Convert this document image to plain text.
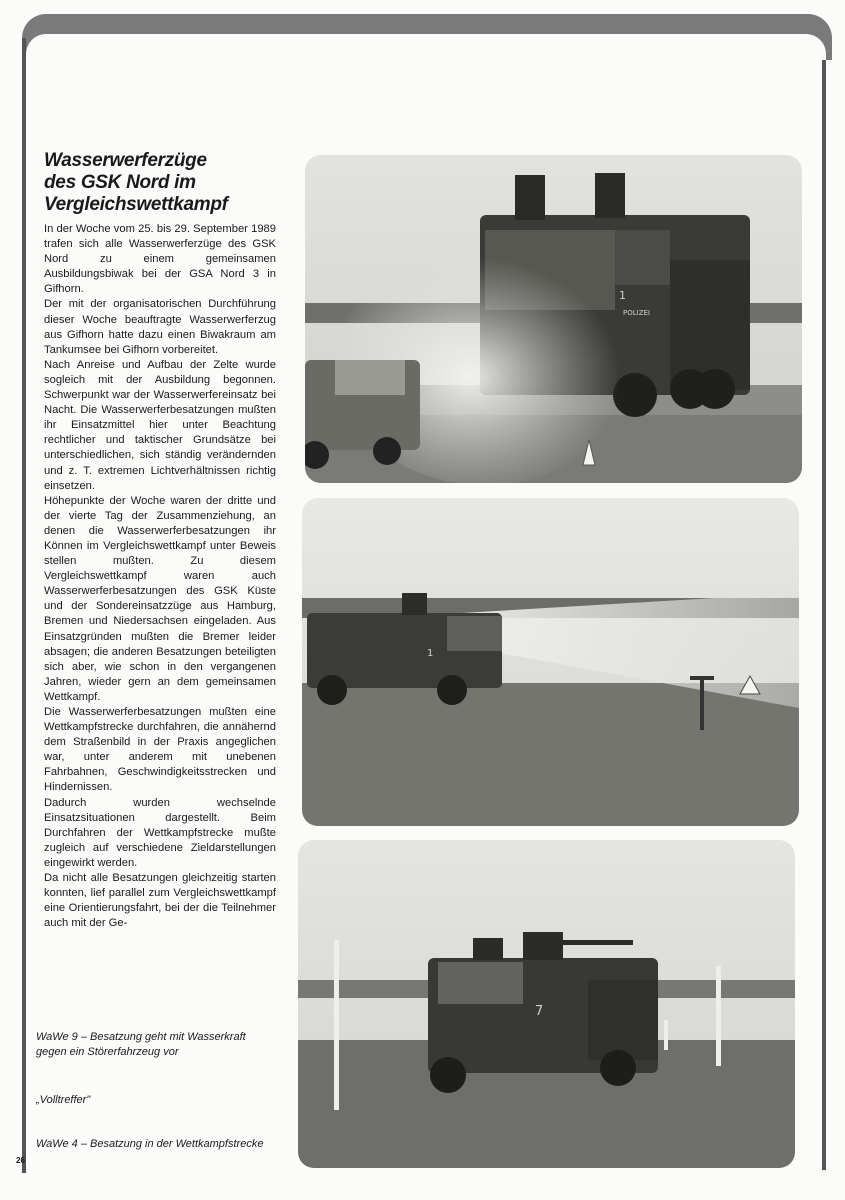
Wasserwerferzüge
des GSK Nord im
Vergleichswettkampf

In der Woche vom 25. bis 29. September 1989 trafen sich alle Wasserwerferzüge des GSK Nord zu einem gemeinsamen Ausbildungsbiwak bei der GSA Nord 3 in Gifhorn.

Der mit der organisatorischen Durchführung dieser Woche beauftragte Wasserwerferzug aus Gifhorn hatte dazu einen Biwakraum am Tankumsee bei Gifhorn vorbereitet.

Nach Anreise und Aufbau der Zelte wurde sogleich mit der Ausbildung begonnen. Schwerpunkt war der Wasserwerfereinsatz bei Nacht. Die Wasserwerferbesatzungen mußten ihr Einsatzmittel hier unter Beachtung rechtlicher und taktischer Grundsätze bei unterschiedlichen, sich ständig verändernden und z. T. extremen Lichtverhältnissen richtig einsetzen.

Höhepunkte der Woche waren der dritte und der vierte Tag der Zusammenziehung, an denen die Wasserwerferbesatzungen ihr Können im Vergleichswettkampf unter Beweis stellen mußten. Zu diesem Vergleichswettkampf waren auch Wasserwerferbesatzungen des GSK Küste und der Sondereinsatzzüge aus Hamburg, Bremen und Niedersachsen eingeladen. Aus Einsatzgründen mußten die Bremer leider absagen; die anderen Besatzungen beteiligten sich aber, wie schon in den vergangenen Jahren, wieder gern an dem gemeinsamen Wettkampf.

Die Wasserwerferbesatzungen mußten eine Wettkampfstrecke durchfahren, die annähernd dem Straßenbild in der Praxis angeglichen war, unter anderem mit unebenen Fahrbahnen, Geschwindigkeitsstrecken und Hindernissen.

Dadurch wurden wechselnde Einsatzsituationen dargestellt. Beim Durchfahren der Wettkampfstrecke mußte zugleich auf verschiedene Zieldarstellungen eingewirkt werden.

Da nicht alle Besatzungen gleichzeitig starten konnten, lief parallel zum Vergleichswettkampf eine Orientierungsfahrt, bei der die Teilnehmer auch mit der Ge-

WaWe 9 – Besatzung geht mit Wasserkraft gegen ein Störerfahrzeug vor
„Volltreffer"
WaWe 4 – Besatzung in der Wettkampfstrecke
26
POLIZEI
1
1
7
